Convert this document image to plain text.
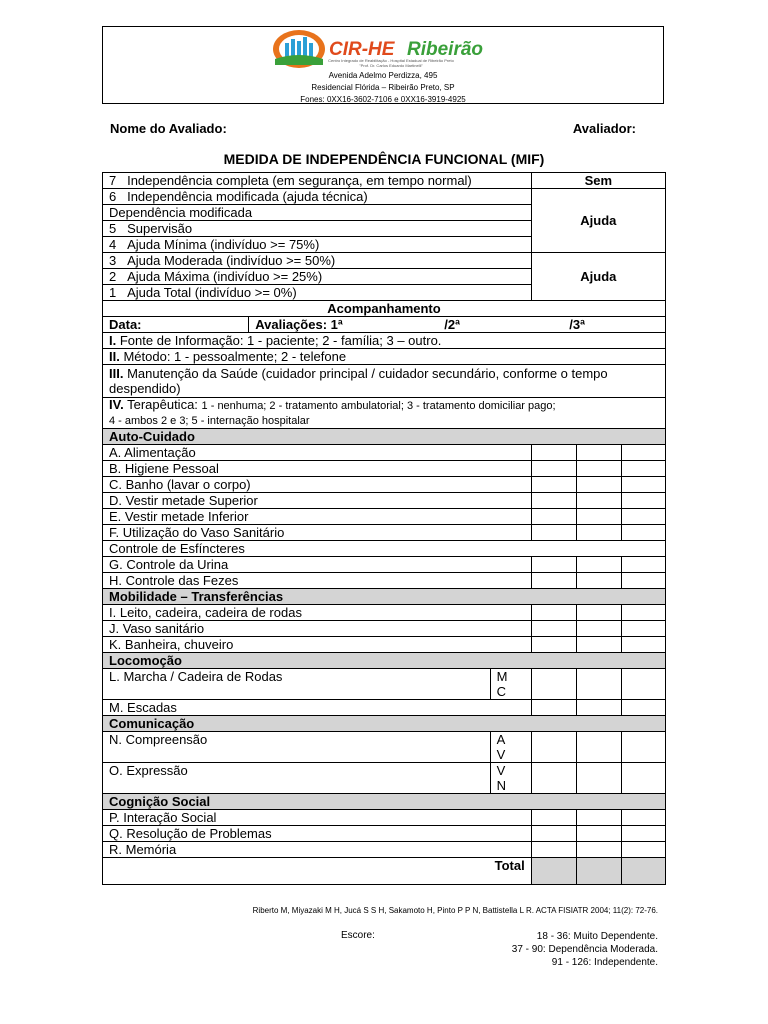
CIR-HE Ribeirão
Centro Integrado de Reabilitação - Hospital Estadual de Ribeirão Preto
"Prof. Dr. Carlos Eduardo Martinelli"
Avenida Adelmo Perdizza, 495
Residencial Flórida – Ribeirão Preto, SP
Fones: 0XX16-3602-7106 e 0XX16-3919-4925
Nome do Avaliado:	Avaliador:
MEDIDA DE INDEPENDÊNCIA FUNCIONAL (MIF)
7 Independência completa (em segurança, em tempo normal)			Sem		
6 Independência modificada (ajuda técnica)			Ajuda		
Dependência modificada					
5 Supervisão					
4 Ajuda Mínima (indivíduo >= 75%)					
3 Ajuda Moderada (indivíduo >= 50%)			Ajuda		
2 Ajuda Máxima (indivíduo >= 25%)					
1 Ajuda Total (indivíduo >= 0%)					
Acompanhamento					
Data:	Avaliações: 1ª /2ª /3ª				

I. Fonte de Informação: 1 - paciente; 2 - família; 3 – outro.					
II. Método: 1 - pessoalmente; 2 - telefone					
III. Manutenção da Saúde (cuidador principal / cuidador secundário, conforme o tempo despendido)					
IV. Terapêutica: 1 - nenhuma; 2 - tratamento ambulatorial; 3 - tratamento domiciliar pago;
4 - ambos 2 e 3; 5 - internação hospitalar					
Auto-Cuidado					
A. Alimentação					
B. Higiene Pessoal					
C. Banho (lavar o corpo)					
D. Vestir metade Superior					
E. Vestir metade Inferior					
F. Utilização do Vaso Sanitário					
Controle de Esfíncteres					
G. Controle da Urina					
H. Controle das Fezes					
Mobilidade – Transferências					
I. Leito, cadeira, cadeira de rodas					
J. Vaso sanitário					
K. Banheira, chuveiro					
Locomoção					
L. Marcha / Cadeira de Rodas		M
C			
M. Escadas					
Comunicação					
N. Compreensão		A
V			
O. Expressão		V
N			
Cognição Social					
P. Interação Social					
Q. Resolução de Problemas					
R. Memória					
Total					
Riberto M, Miyazaki M H, Jucá S S H, Sakamoto H, Pinto P P N, Battistella L R. ACTA FISIATR 2004; 11(2): 72-76.
Escore:	18 - 36: Muito Dependente.
37 - 90: Dependência Moderada.
91 - 126: Independente.
